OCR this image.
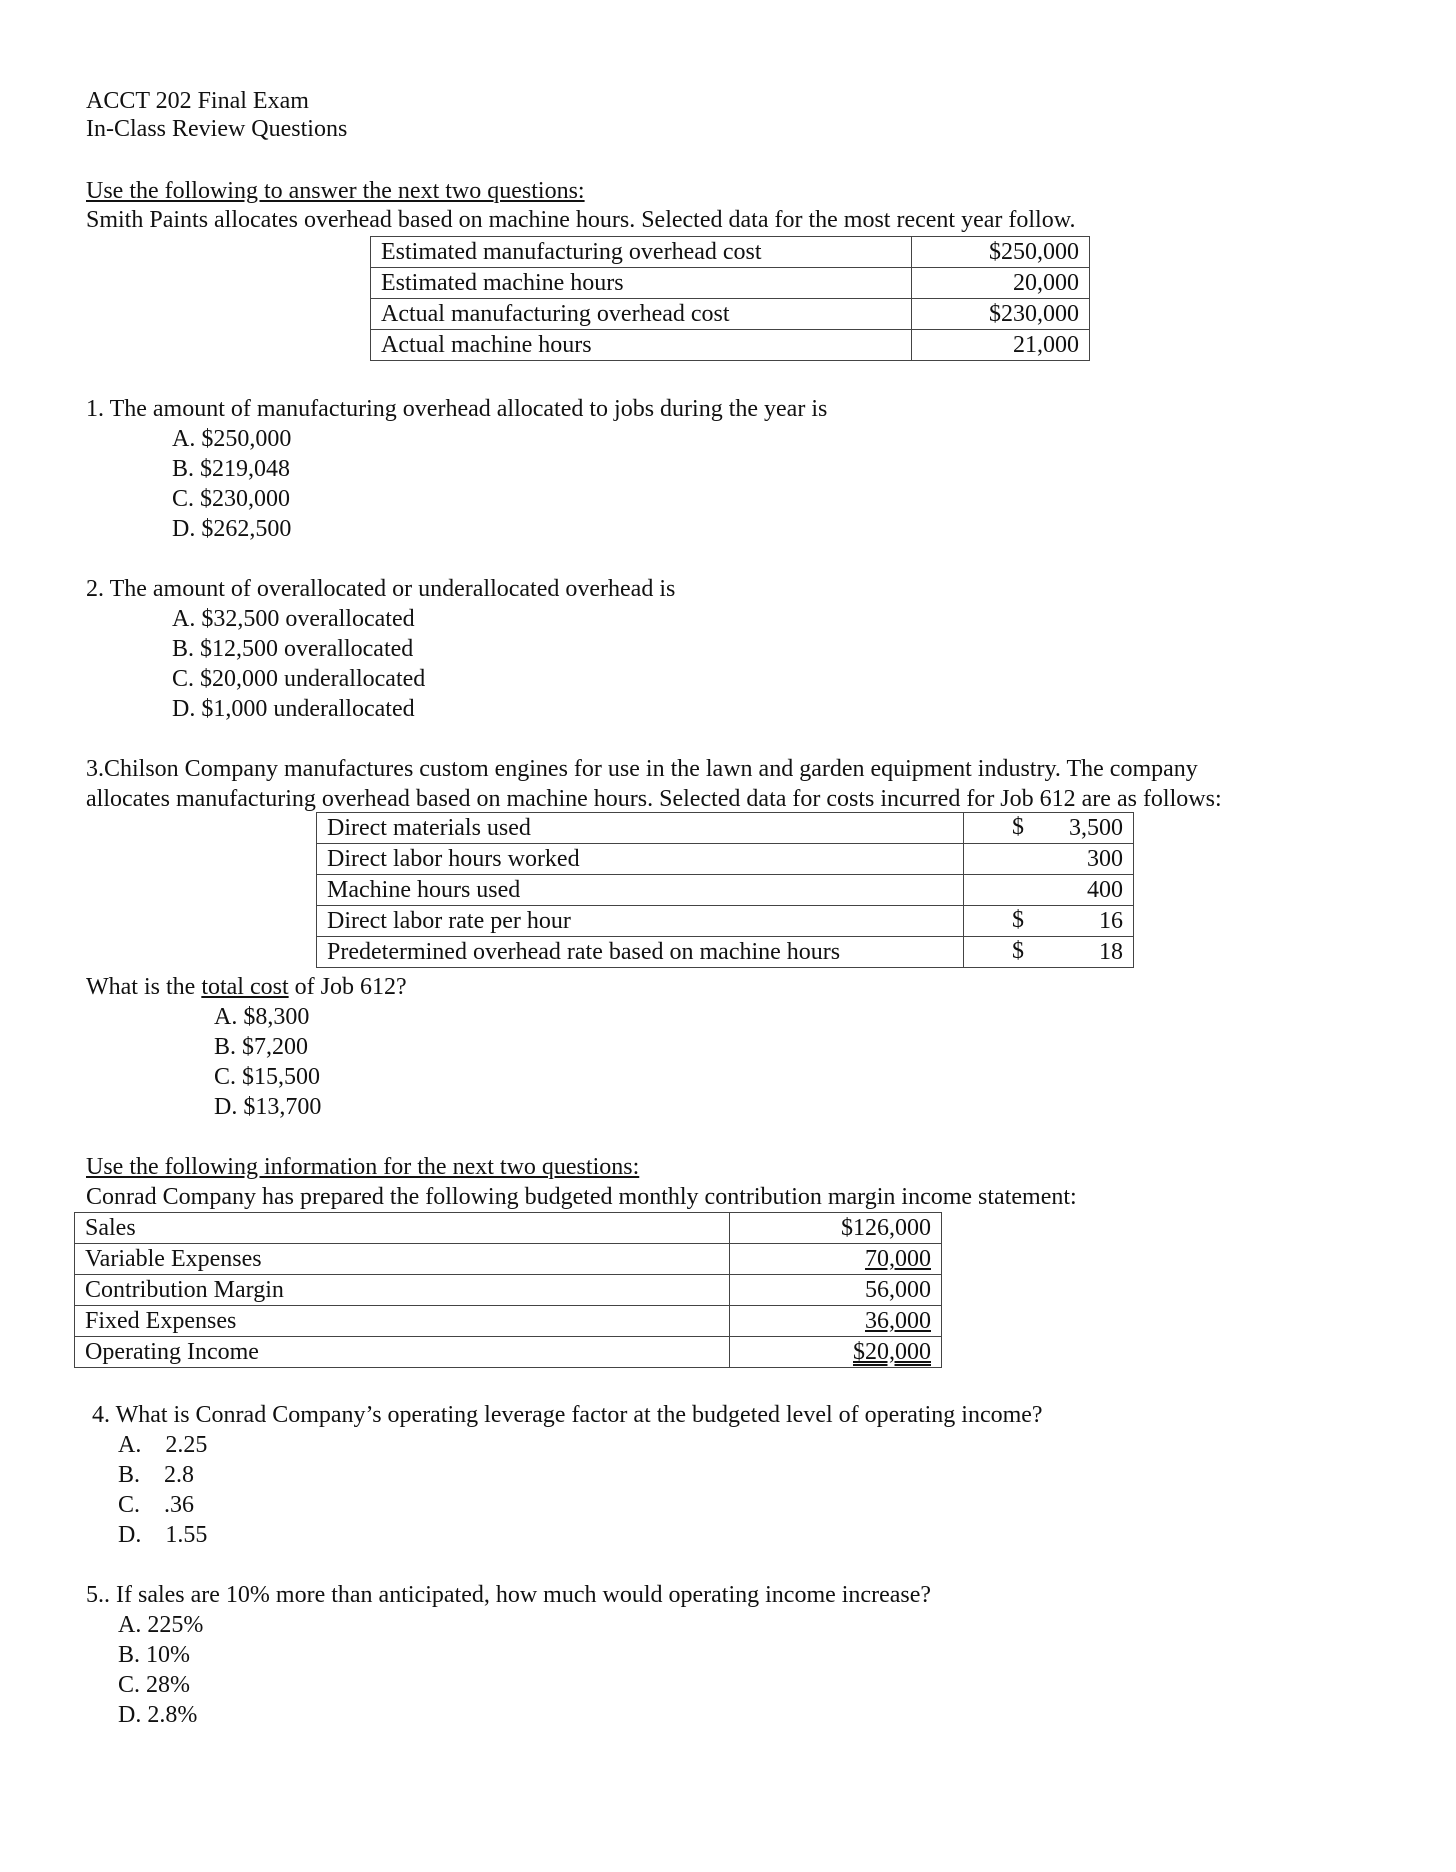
ACCT 202 Final Exam
In-Class Review Questions
Use the following to answer the next two questions:
Smith Paints allocates overhead based on machine hours. Selected data for the most recent year follow.
Estimated manufacturing overhead cost	$250,000
Estimated machine hours	20,000
Actual manufacturing overhead cost	$230,000
Actual machine hours	21,000
1. The amount of manufacturing overhead allocated to jobs during the year is
A. $250,000
B. $219,048
C. $230,000
D. $262,500
2. The amount of overallocated or underallocated overhead is
A. $32,500 overallocated
B. $12,500 overallocated
C. $20,000 underallocated
D. $1,000 underallocated
3.Chilson Company manufactures custom engines for use in the lawn and garden equipment industry. The company
allocates manufacturing overhead based on machine hours. Selected data for costs incurred for Job 612 are as follows:
Direct materials used	$ 3,500
Direct labor hours worked	300
Machine hours used	400
Direct labor rate per hour	$ 16
Predetermined overhead rate based on machine hours	$ 18
What is the total cost of Job 612?
A. $8,300
B. $7,200
C. $15,500
D. $13,700
Use the following information for the next two questions:
Conrad Company has prepared the following budgeted monthly contribution margin income statement:
Sales	$126,000
Variable Expenses	70,000
Contribution Margin	56,000
Fixed Expenses	36,000
Operating Income	$20,000
4. What is Conrad Company’s operating leverage factor at the budgeted level of operating income?
A.    2.25
B.    2.8
C.    .36
D.    1.55
5.. If sales are 10% more than anticipated, how much would operating income increase?
A. 225%
B. 10%
C. 28%
D. 2.8%
